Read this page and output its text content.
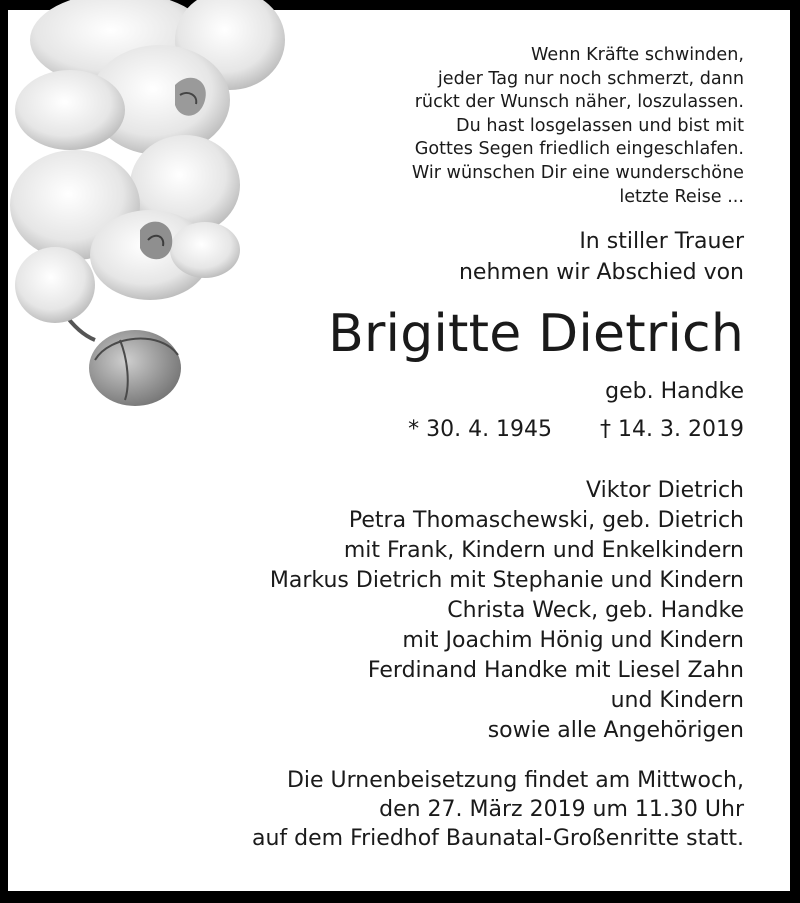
Wenn Kräfte schwinden,
jeder Tag nur noch schmerzt, dann
rückt der Wunsch näher, loszulassen.
Du hast losgelassen und bist mit
Gottes Segen friedlich eingeschlafen.
Wir wünschen Dir eine wunderschöne
letzte Reise ...
In stiller Trauer
nehmen wir Abschied von
Brigitte Dietrich
geb. Handke
* 30. 4. 1945 † 14. 3. 2019
Viktor Dietrich
Petra Thomaschewski, geb. Dietrich
mit Frank, Kindern und Enkelkindern
Markus Dietrich mit Stephanie und Kindern
Christa Weck, geb. Handke
mit Joachim Hönig und Kindern
Ferdinand Handke mit Liesel Zahn
und Kindern
sowie alle Angehörigen
Die Urnenbeisetzung findet am Mittwoch,
den 27. März 2019 um 11.30 Uhr
auf dem Friedhof Baunatal-Großenritte statt.
